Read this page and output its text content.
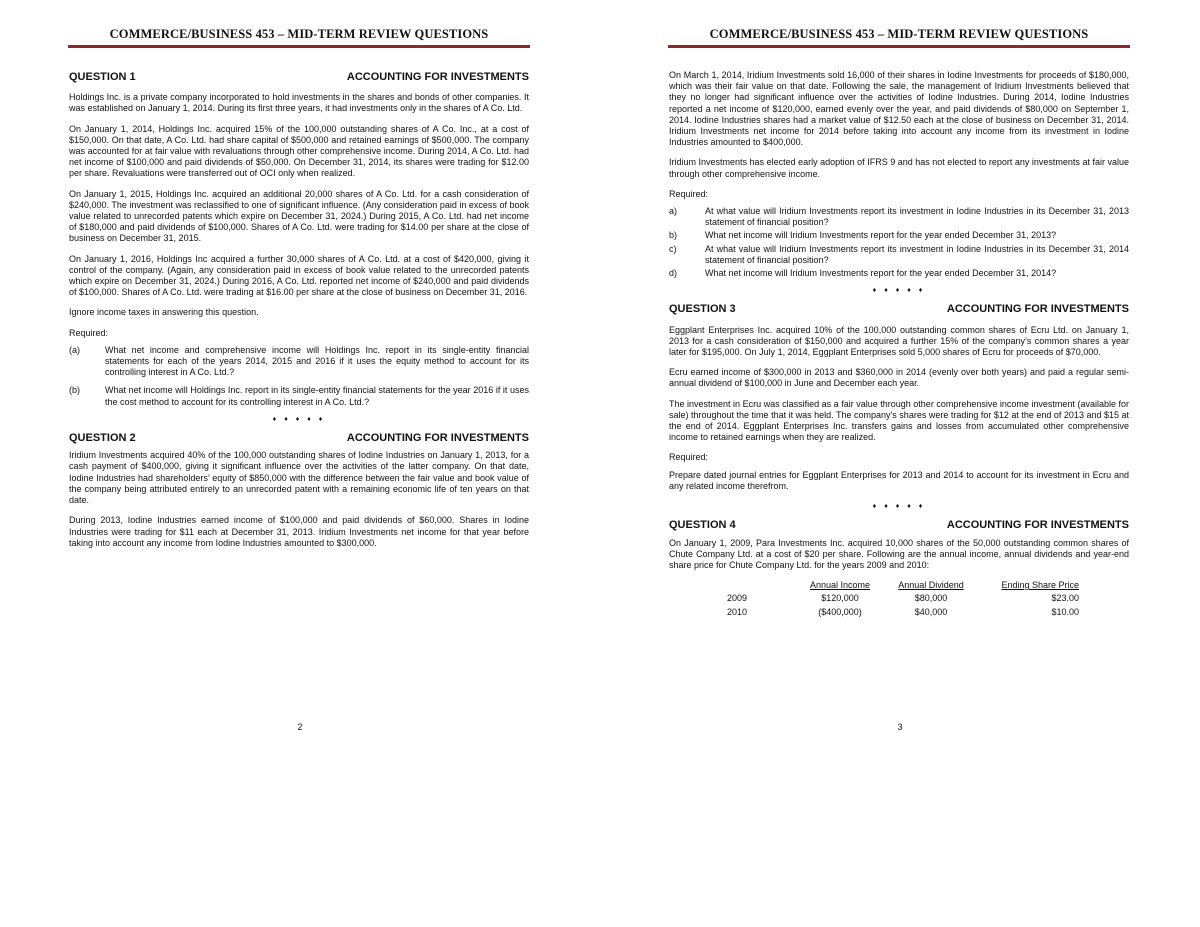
COMMERCE/BUSINESS 453 – MID-TERM REVIEW QUESTIONS
QUESTION 1	ACCOUNTING FOR INVESTMENTS

Holdings Inc. is a private company incorporated to hold investments in the shares and bonds of other companies. It was established on January 1, 2014. During its first three years, it had investments only in the shares of A Co. Ltd.

On January 1, 2014, Holdings Inc. acquired 15% of the 100,000 outstanding shares of A Co. Inc., at a cost of $150,000. On that date, A Co. Ltd. had share capital of $500,000 and retained earnings of $500,000. The company was accounted for at fair value with revaluations through other comprehensive income. During 2014, A Co. Ltd. had net income of $100,000 and paid dividends of $50,000. On December 31, 2014, its shares were trading for $12.00 per share. Revaluations were transferred out of OCI only when realized.

On January 1, 2015, Holdings Inc. acquired an additional 20,000 shares of A Co. Ltd. for a cash consideration of $240,000. The investment was reclassified to one of significant influence. (Any consideration paid in excess of book value related to unrecorded patents which expire on December 31, 2024.) During 2015, A Co. Ltd. had net income of $180,000 and paid dividends of $100,000. Shares of A Co. Ltd. were trading for $14.00 per share at the close of business on December 31, 2015.

On January 1, 2016, Holdings Inc acquired a further 30,000 shares of A Co. Ltd. at a cost of $420,000, giving it control of the company. (Again, any consideration paid in excess of book value related to the unrecorded patents which expire on December 31, 2024.) During 2016, A Co. Ltd. reported net income of $240,000 and paid dividends of $100,000. Shares of A Co. Ltd. were trading at $16.00 per share at the close of business on December 31, 2016.

Ignore income taxes in answering this question.

Required:
(a)	What net income and comprehensive income will Holdings Inc. report in its single-entity financial statements for each of the years 2014, 2015 and 2016 if it uses the equity method to account for its controlling interest in A Co. Ltd.?
(b)	What net income will Holdings Inc. report in its single-entity financial statements for the year 2016 if it uses the cost method to account for its controlling interest in A Co. Ltd.?
♦ ♦ ♦ ♦ ♦
QUESTION 2	ACCOUNTING FOR INVESTMENTS

Iridium Investments acquired 40% of the 100,000 outstanding shares of Iodine Industries on January 1, 2013, for a cash payment of $400,000, giving it significant influence over the activities of the latter company. On that date, Iodine Industries had shareholders’ equity of $850,000 with the difference between the fair value and book value of the company being attributed entirely to an unrecorded patent with a remaining economic life of ten years on that date.

During 2013, Iodine Industries earned income of $100,000 and paid dividends of $60,000. Shares in Iodine Industries were trading for $11 each at December 31, 2013. Iridium Investments net income for that year before taking into account any income from Iodine Industries amounted to $300,000.

2
COMMERCE/BUSINESS 453 – MID-TERM REVIEW QUESTIONS

On March 1, 2014, Iridium Investments sold 16,000 of their shares in Iodine Investments for proceeds of $180,000, which was their fair value on that date. Following the sale, the management of Iridium Investments believed that they no longer had significant influence over the activities of Iodine Industries. During 2014, Iodine Industries reported a net income of $120,000, earned evenly over the year, and paid dividends of $80,000 on September 1, 2014. Iodine Industries shares had a market value of $12.50 each at the close of business on December 31, 2014. Iridium Investments net income for 2014 before taking into account any income from its investment in Iodine Industries amounted to $400,000.

Iridium Investments has elected early adoption of IFRS 9 and has not elected to report any investments at fair value through other comprehensive income.

Required:
a)	At what value will Iridium Investments report its investment in Iodine Industries in its December 31, 2013 statement of financial position?
b)	What net income will Iridium Investments report for the year ended December 31, 2013?
c)	At what value will Iridium Investments report its investment in Iodine Industries in its December 31, 2014 statement of financial position?
d)	What net income will Iridium Investments report for the year ended December 31, 2014?
♦ ♦ ♦ ♦ ♦
QUESTION 3	ACCOUNTING FOR INVESTMENTS

Eggplant Enterprises Inc. acquired 10% of the 100,000 outstanding common shares of Ecru Ltd. on January 1, 2013 for a cash consideration of $150,000 and acquired a further 15% of the company’s common shares a year later for $195,000. On July 1, 2014, Eggplant Enterprises sold 5,000 shares of Ecru for proceeds of $70,000.

Ecru earned income of $300,000 in 2013 and $360,000 in 2014 (evenly over both years) and paid a regular semi-annual dividend of $100,000 in June and December each year.

The investment in Ecru was classified as a fair value through other comprehensive income investment (available for sale) throughout the time that it was held. The company’s shares were trading for $12 at the end of 2013 and $15 at the end of 2014. Eggplant Enterprises Inc. transfers gains and losses from accumulated other comprehensive income to retained earnings when they are realized.

Required:

Prepare dated journal entries for Eggplant Enterprises for 2013 and 2014 to account for its investment in Ecru and any related income therefrom.

♦ ♦ ♦ ♦ ♦
QUESTION 4	ACCOUNTING FOR INVESTMENTS

On January 1, 2009, Para Investments Inc. acquired 10,000 shares of the 50,000 outstanding common shares of Chute Company Ltd. at a cost of $20 per share. Following are the annual income, annual dividends and year-end share price for Chute Company Ltd. for the years 2009 and 2010:

	Annual Income	Annual Dividend	Ending Share Price
2009	$120,000	$80,000	$23.00
2010	($400,000)	$40,000	$10.00
3
